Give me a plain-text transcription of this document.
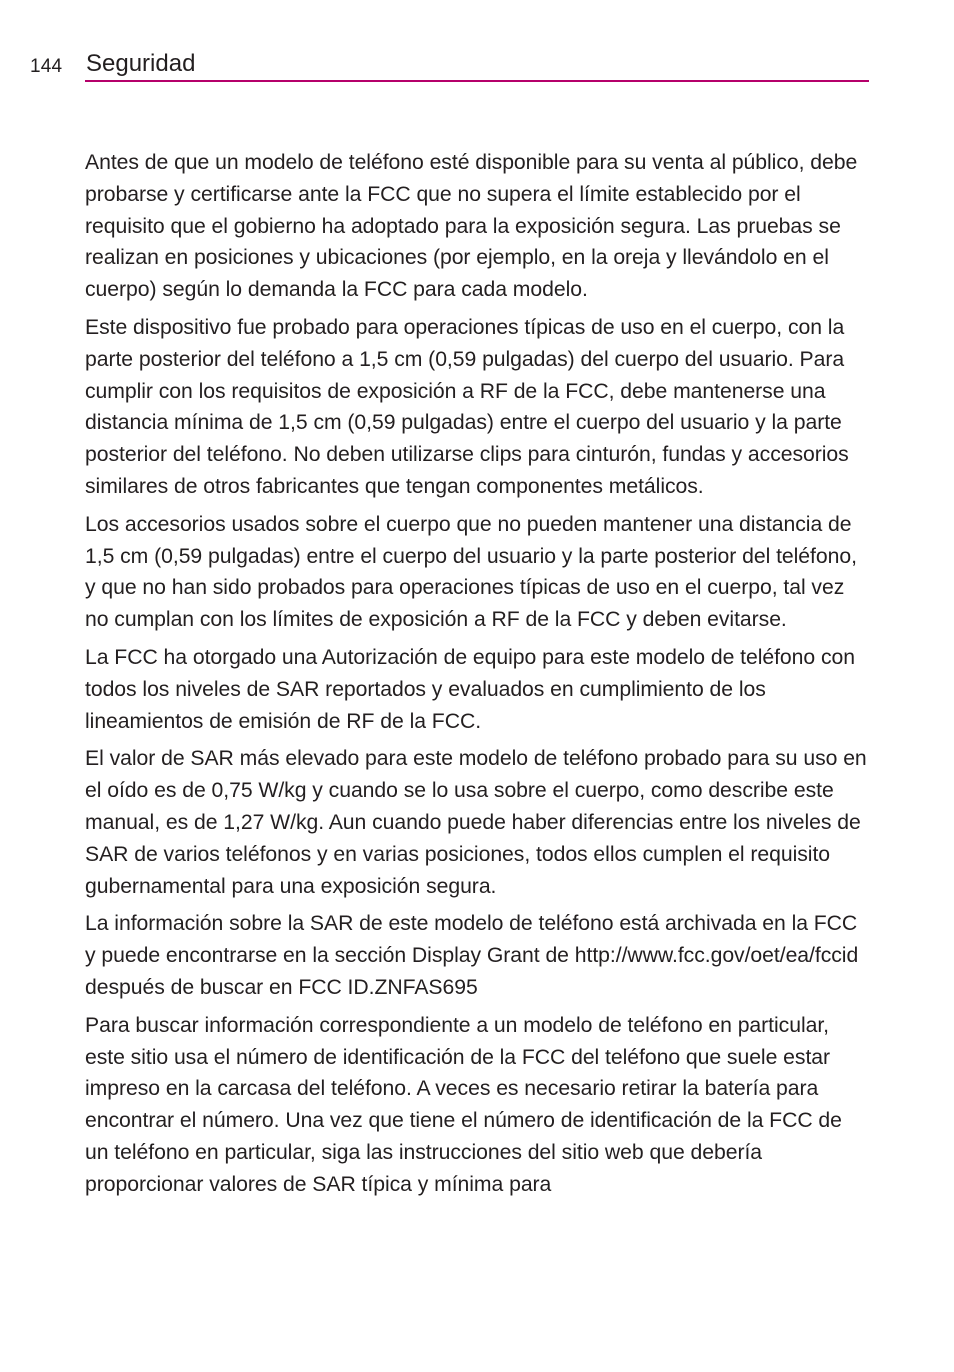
144 Seguridad

Antes de que un modelo de teléfono esté disponible para su venta al público, debe probarse y certificarse ante la FCC que no supera el límite establecido por el requisito que el gobierno ha adoptado para la exposición segura. Las pruebas se realizan en posiciones y ubicaciones (por ejemplo, en la oreja y llevándolo en el cuerpo) según lo demanda la FCC para cada modelo.

Este dispositivo fue probado para operaciones típicas de uso en el cuerpo, con la parte posterior del teléfono a 1,5 cm (0,59 pulgadas) del cuerpo del usuario. Para cumplir con los requisitos de exposición a RF de la FCC, debe mantenerse una distancia mínima de 1,5 cm (0,59 pulgadas) entre el cuerpo del usuario y la parte posterior del teléfono. No deben utilizarse clips para cinturón, fundas y accesorios similares de otros fabricantes que tengan componentes metálicos.

Los accesorios usados sobre el cuerpo que no pueden mantener una distancia de 1,5 cm (0,59 pulgadas) entre el cuerpo del usuario y la parte posterior del teléfono, y que no han sido probados para operaciones típicas de uso en el cuerpo, tal vez no cumplan con los límites de exposición a RF de la FCC y deben evitarse.

La FCC ha otorgado una Autorización de equipo para este modelo de teléfono con todos los niveles de SAR reportados y evaluados en cumplimiento de los lineamientos de emisión de RF de la FCC.

El valor de SAR más elevado para este modelo de teléfono probado para su uso en el oído es de 0,75 W/kg y cuando se lo usa sobre el cuerpo, como describe este manual, es de 1,27 W/kg. Aun cuando puede haber diferencias entre los niveles de SAR de varios teléfonos y en varias posiciones, todos ellos cumplen el requisito gubernamental para una exposición segura.

La información sobre la SAR de este modelo de teléfono está archivada en la FCC y puede encontrarse en la sección Display Grant de http://www.fcc.gov/oet/ea/fccid después de buscar en FCC ID.ZNFAS695

Para buscar información correspondiente a un modelo de teléfono en particular, este sitio usa el número de identificación de la FCC del teléfono que suele estar impreso en la carcasa del teléfono. A veces es necesario retirar la batería para encontrar el número. Una vez que tiene el número de identificación de la FCC de un teléfono en particular, siga las instrucciones del sitio web que debería proporcionar valores de SAR típica y mínima para
